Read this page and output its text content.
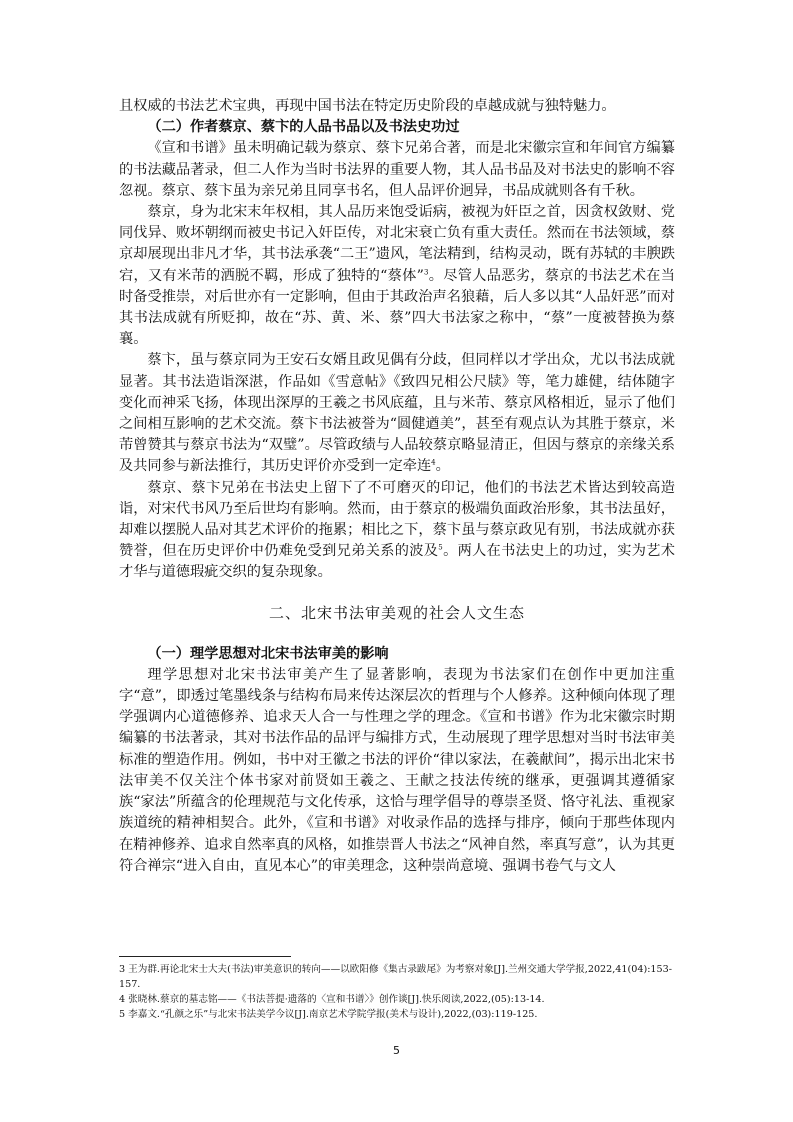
且权威的书法艺术宝典，再现中国书法在特定历史阶段的卓越成就与独特魅力。

（二）作者蔡京、蔡卞的人品书品以及书法史功过

《宣和书谱》虽未明确记载为蔡京、蔡卞兄弟合著，而是北宋徽宗宣和年间官方编纂的书法藏品著录，但二人作为当时书法界的重要人物，其人品书品及对书法史的影响不容忽视。蔡京、蔡卞虽为亲兄弟且同享书名，但人品评价迥异，书品成就则各有千秋。

蔡京，身为北宋末年权相，其人品历来饱受诟病，被视为奸臣之首，因贪权敛财、党同伐异、败坏朝纲而被史书记入奸臣传，对北宋衰亡负有重大责任。然而在书法领域，蔡京却展现出非凡才华，其书法承袭“二王”遗风，笔法精到，结构灵动，既有苏轼的丰腴跌宕，又有米芾的洒脱不羁，形成了独特的“蔡体”$^3$。尽管人品恶劣，蔡京的书法艺术在当时备受推崇，对后世亦有一定影响，但由于其政治声名狼藉，后人多以其“人品奸恶”而对其书法成就有所贬抑，故在“苏、黄、米、蔡”四大书法家之称中，“蔡”一度被替换为蔡襄。

蔡卞，虽与蔡京同为王安石女婿且政见偶有分歧，但同样以才学出众，尤以书法成就显著。其书法造诣深湛，作品如《雪意帖》《致四兄相公尺牍》等，笔力雄健，结体随字变化而神采飞扬，体现出深厚的王羲之书风底蕴，且与米芾、蔡京风格相近，显示了他们之间相互影响的艺术交流。蔡卞书法被誉为“圆健遒美”，甚至有观点认为其胜于蔡京，米芾曾赞其与蔡京书法为“双璧”。尽管政绩与人品较蔡京略显清正，但因与蔡京的亲缘关系及共同参与新法推行，其历史评价亦受到一定牵连$^4$。

蔡京、蔡卞兄弟在书法史上留下了不可磨灭的印记，他们的书法艺术皆达到较高造诣，对宋代书风乃至后世均有影响。然而，由于蔡京的极端负面政治形象，其书法虽好，却难以摆脱人品对其艺术评价的拖累；相比之下，蔡卞虽与蔡京政见有别，书法成就亦获赞誉，但在历史评价中仍难免受到兄弟关系的波及$^5$。两人在书法史上的功过，实为艺术才华与道德瑕疵交织的复杂现象。

二、北宋书法审美观的社会人文生态
（一）理学思想对北宋书法审美的影响

理学思想对北宋书法审美产生了显著影响，表现为书法家们在创作中更加注重字“意”，即透过笔墨线条与结构布局来传达深层次的哲理与个人修养。这种倾向体现了理学强调内心道德修养、追求天人合一与性理之学的理念。《宣和书谱》作为北宋徽宗时期编纂的书法著录，其对书法作品的品评与编排方式，生动展现了理学思想对当时书法审美标准的塑造作用。例如，书中对王徽之书法的评价“律以家法，在羲献间”，揭示出北宋书法审美不仅关注个体书家对前贤如王羲之、王献之技法传统的继承，更强调其遵循家族“家法”所蕴含的伦理规范与文化传承，这恰与理学倡导的尊崇圣贤、恪守礼法、重视家族道统的精神相契合。此外，《宣和书谱》对收录作品的选择与排序，倾向于那些体现内在精神修养、追求自然率真的风格，如推崇晋人书法之“风神自然，率真写意”，认为其更符合禅宗“进入自由，直见本心”的审美理念，这种崇尚意境、强调书卷气与文人

3 王为群.再论北宋士大夫(书法)审美意识的转向——以欧阳修《集古录跋尾》为考察对象[J].兰州交通大学学报,2022,41(04):153-157.
4 张晓林.蔡京的墓志铭——《书法菩提·遗落的〈宣和书谱〉》创作谈[J].快乐阅读,2022,(05):13-14.
5 李嘉文.“孔颜之乐”与北宋书法美学今议[J].南京艺术学院学报(美术与设计),2022,(03):119-125.
5
